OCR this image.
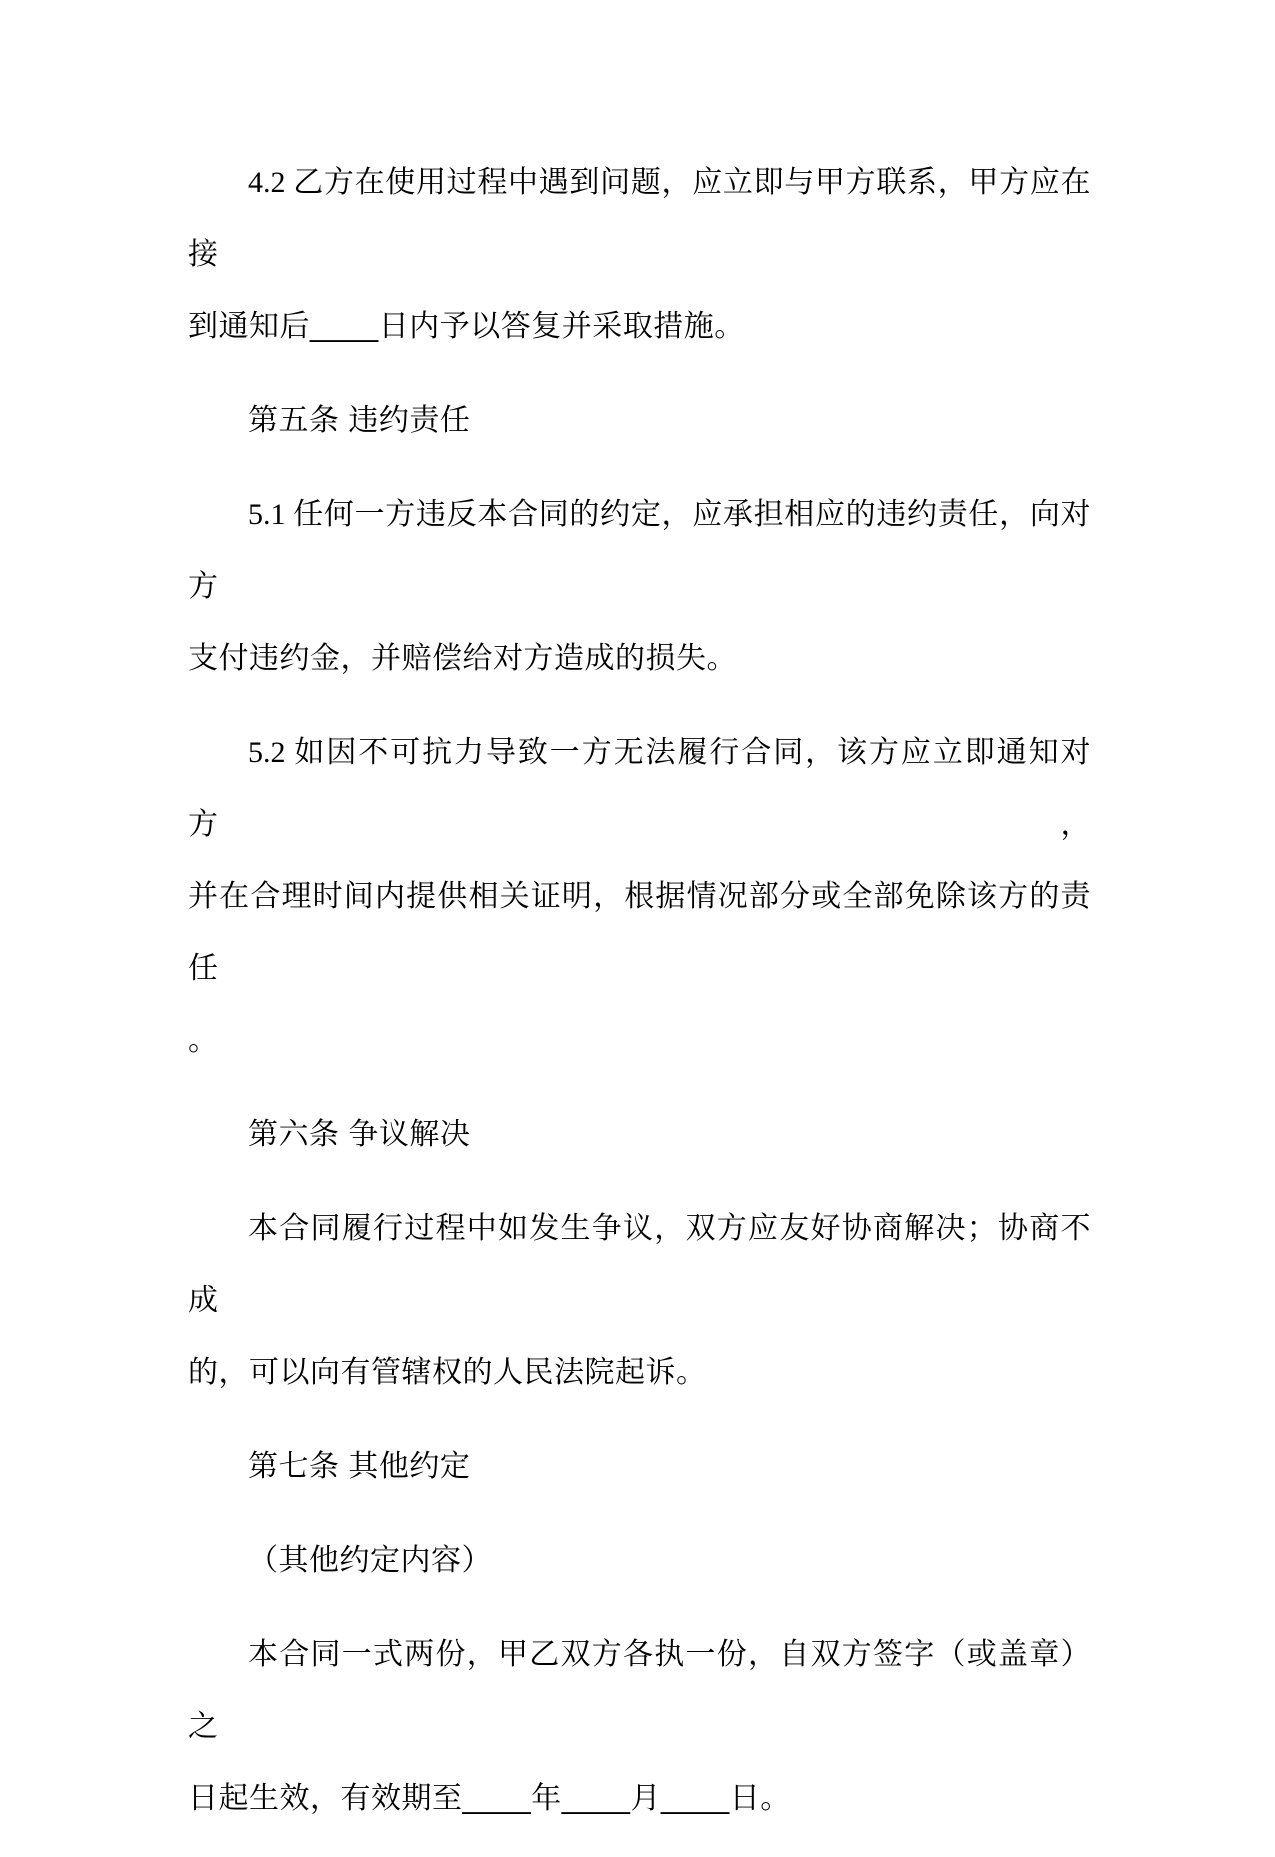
4.2 乙方在使用过程中遇到问题，应立即与甲方联系，甲方应在接
到通知后____日内予以答复并采取措施。
第五条 违约责任
5.1 任何一方违反本合同的约定，应承担相应的违约责任，向对方
支付违约金，并赔偿给对方造成的损失。
5.2 如因不可抗力导致一方无法履行合同，该方应立即通知对方，
并在合理时间内提供相关证明，根据情况部分或全部免除该方的责任
。
第六条 争议解决
本合同履行过程中如发生争议，双方应友好协商解决；协商不成
的，可以向有管辖权的人民法院起诉。
第七条 其他约定
（其他约定内容）
本合同一式两份，甲乙双方各执一份，自双方签字（或盖章）之
日起生效，有效期至____年____月____日。
